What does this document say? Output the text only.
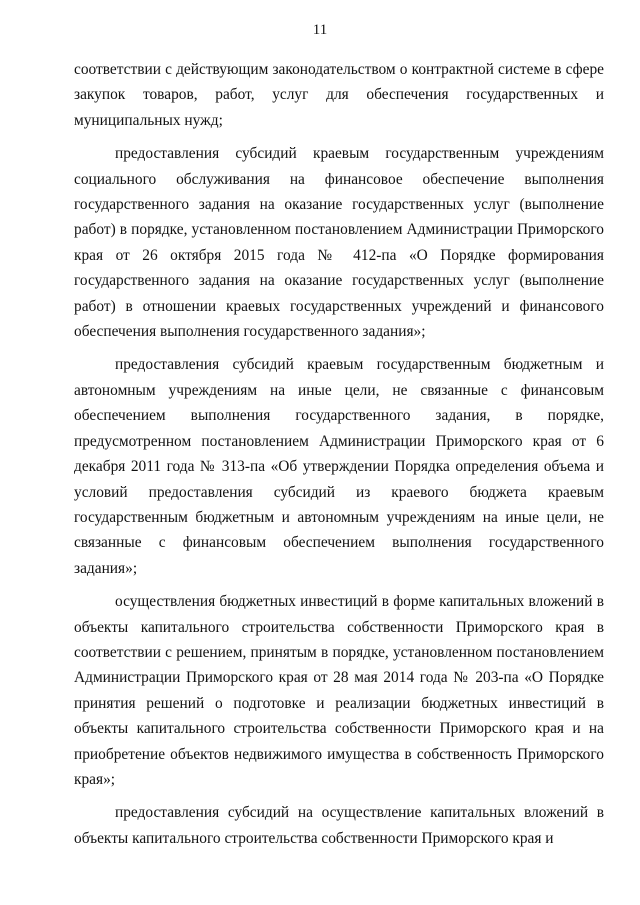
11

соответствии с действующим законодательством о контрактной системе в сфере закупок товаров, работ, услуг для обеспечения государственных и муниципальных нужд;

предоставления субсидий краевым государственным учреждениям социального обслуживания на финансовое обеспечение выполнения государственного задания на оказание государственных услуг (выполнение работ) в порядке, установленном постановлением Администрации Приморского края от 26 октября 2015 года № 412-па «О Порядке формирования государственного задания на оказание государственных услуг (выполнение работ) в отношении краевых государственных учреждений и финансового обеспечения выполнения государственного задания»;

предоставления субсидий краевым государственным бюджетным и автономным учреждениям на иные цели, не связанные с финансовым обеспечением выполнения государственного задания, в порядке, предусмотренном постановлением Администрации Приморского края от 6 декабря 2011 года № 313-па «Об утверждении Порядка определения объема и условий предоставления субсидий из краевого бюджета краевым государственным бюджетным и автономным учреждениям на иные цели, не связанные с финансовым обеспечением выполнения государственного задания»;

осуществления бюджетных инвестиций в форме капитальных вложений в объекты капитального строительства собственности Приморского края в соответствии с решением, принятым в порядке, установленном постановлением Администрации Приморского края от 28 мая 2014 года № 203-па «О Порядке принятия решений о подготовке и реализации бюджетных инвестиций в объекты капитального строительства собственности Приморского края и на приобретение объектов недвижимого имущества в собственность Приморского края»;

предоставления субсидий на осуществление капитальных вложений в объекты капитального строительства собственности Приморского края и
